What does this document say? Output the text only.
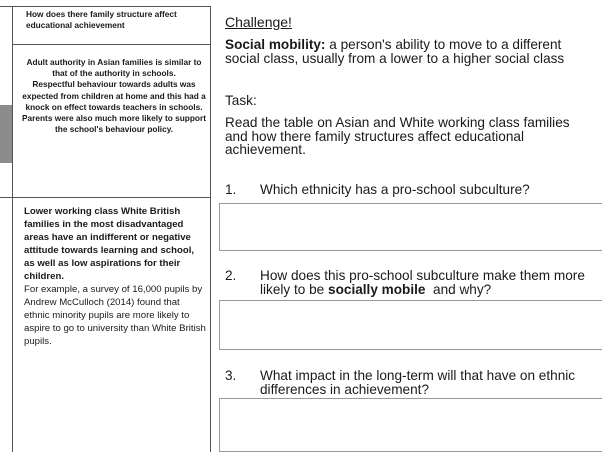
How does there family structure affect educational achievement
Adult authority in Asian families is similar to that of the authority in schools.
Respectful behaviour towards adults was expected from children at home and this had a knock on effect towards teachers in schools.
Parents were also much more likely to support the school's behaviour policy.
Lower working class White British families in the most disadvantaged areas have an indifferent or negative attitude towards learning and school, as well as low aspirations for their children.
For example, a survey of 16,000 pupils by Andrew McCulloch (2014) found that ethnic minority pupils are more likely to aspire to go to university than White British pupils.
Challenge!
Social mobility: a person's ability to move to a different social class, usually from a lower to a higher social class
Task:
Read the table on Asian and White working class families and how there family structures affect educational achievement.
1. Which ethnicity has a pro-school subculture?
2. How does this pro-school subculture make them more likely to be socially mobile  and why?
3. What impact in the long-term will that have on ethnic differences in achievement?
